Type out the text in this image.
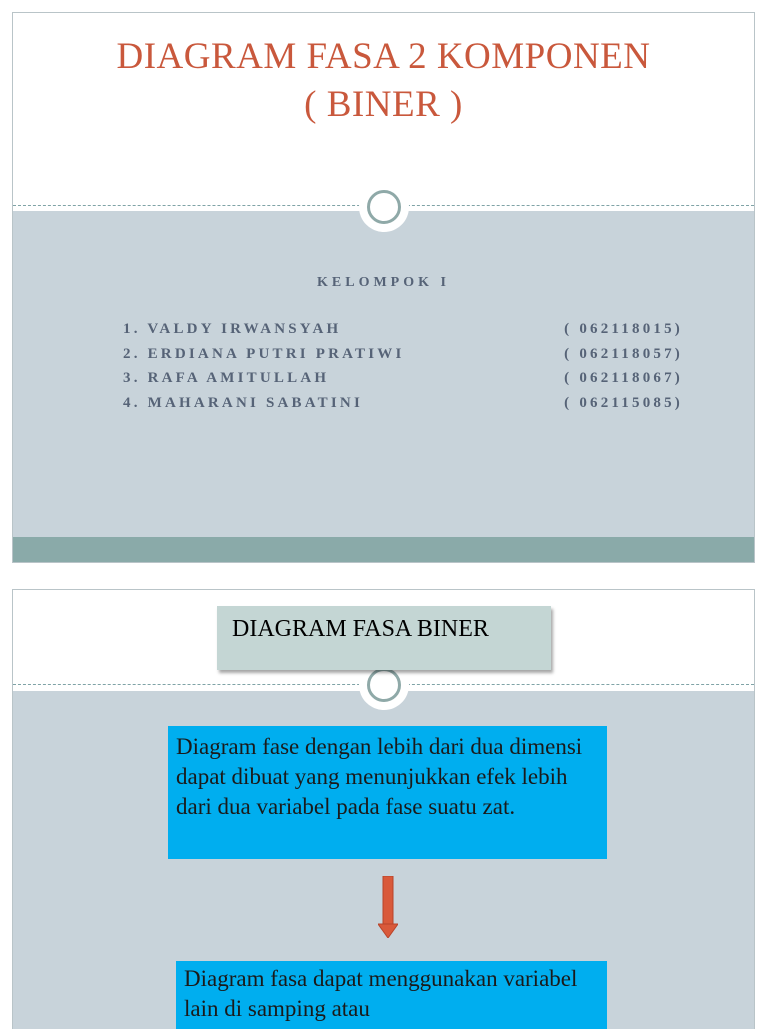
DIAGRAM FASA 2 KOMPONEN
( BINER )
KELOMPOK I
1. VALDY IRWANSYAH	( 062118015)
2. ERDIANA PUTRI PRATIWI	( 062118057)
3. RAFA AMITULLAH	( 062118067)
4. MAHARANI SABATINI	( 062115085)
DIAGRAM FASA BINER
Diagram fase dengan lebih dari dua dimensi dapat dibuat yang menunjukkan efek lebih dari dua variabel pada fase suatu zat.
Diagram fasa dapat menggunakan variabel lain di samping atau
